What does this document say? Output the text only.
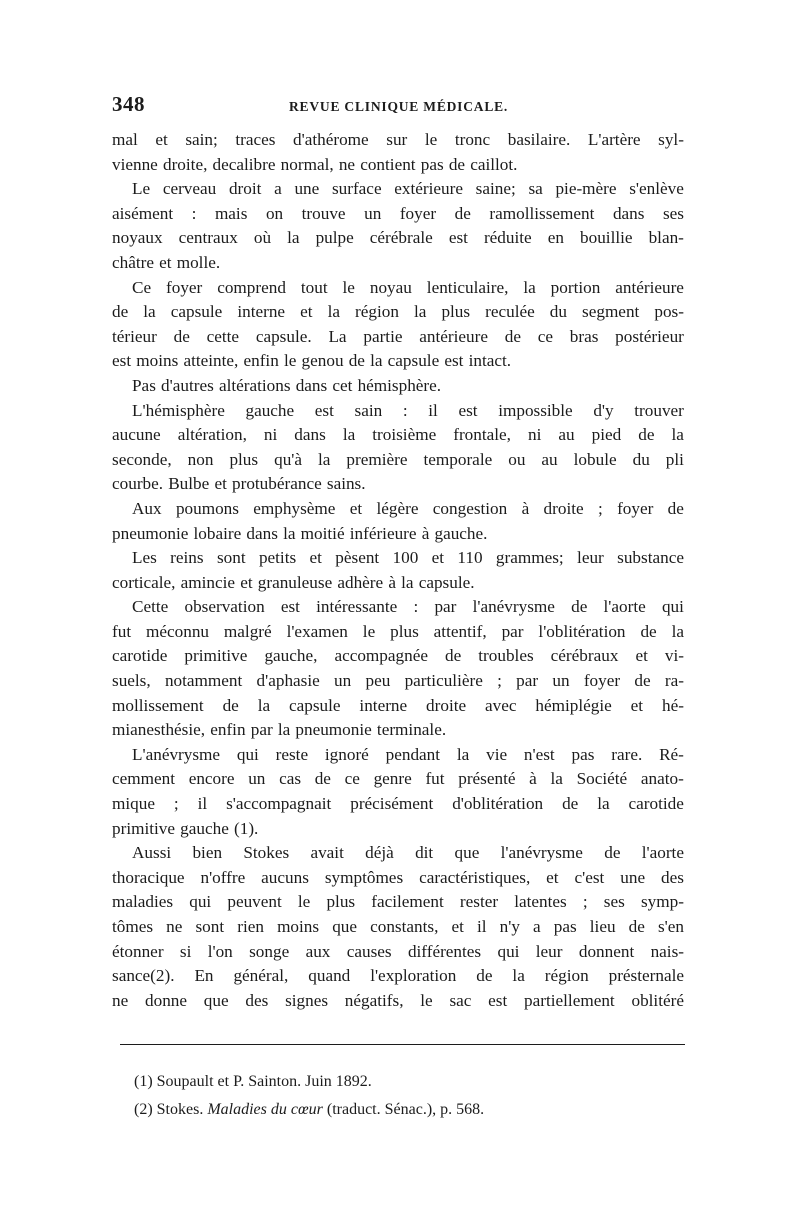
348	REVUE CLINIQUE MÉDICALE.
mal et sain; traces d'athérome sur le tronc basilaire. L'artère syl-
vienne droite, decalibre normal, ne contient pas de caillot.
Le cerveau droit a une surface extérieure saine; sa pie-mère s'enlève
aisément : mais on trouve un foyer de ramollissement dans ses
noyaux centraux où la pulpe cérébrale est réduite en bouillie blan-
châtre et molle.
Ce foyer comprend tout le noyau lenticulaire, la portion antérieure
de la capsule interne et la région la plus reculée du segment pos-
térieur de cette capsule. La partie antérieure de ce bras postérieur
est moins atteinte, enfin le genou de la capsule est intact.
Pas d'autres altérations dans cet hémisphère.
L'hémisphère gauche est sain : il est impossible d'y trouver
aucune altération, ni dans la troisième frontale, ni au pied de la
seconde, non plus qu'à la première temporale ou au lobule du pli
courbe. Bulbe et protubérance sains.
Aux poumons emphysème et légère congestion à droite ; foyer de
pneumonie lobaire dans la moitié inférieure à gauche.
Les reins sont petits et pèsent 100 et 110 grammes; leur substance
corticale, amincie et granuleuse adhère à la capsule.
Cette observation est intéressante : par l'anévrysme de l'aorte qui
fut méconnu malgré l'examen le plus attentif, par l'oblitération de la
carotide primitive gauche, accompagnée de troubles cérébraux et vi-
suels, notamment d'aphasie un peu particulière ; par un foyer de ra-
mollissement de la capsule interne droite avec hémiplégie et hé-
mianesthésie, enfin par la pneumonie terminale.
L'anévrysme qui reste ignoré pendant la vie n'est pas rare. Ré-
cemment encore un cas de ce genre fut présenté à la Société anato-
mique ; il s'accompagnait précisément d'oblitération de la carotide
primitive gauche (1).
Aussi bien Stokes avait déjà dit que l'anévrysme de l'aorte
thoracique n'offre aucuns symptômes caractéristiques, et c'est une des
maladies qui peuvent le plus facilement rester latentes ; ses symp-
tômes ne sont rien moins que constants, et il n'y a pas lieu de s'en
étonner si l'on songe aux causes différentes qui leur donnent nais-
sance(2). En général, quand l'exploration de la région présternale
ne donne que des signes négatifs, le sac est partiellement oblitéré
(1) Soupault et P. Sainton. Juin 1892.
(2) Stokes. Maladies du cœur (traduct. Sénac.), p. 568.
